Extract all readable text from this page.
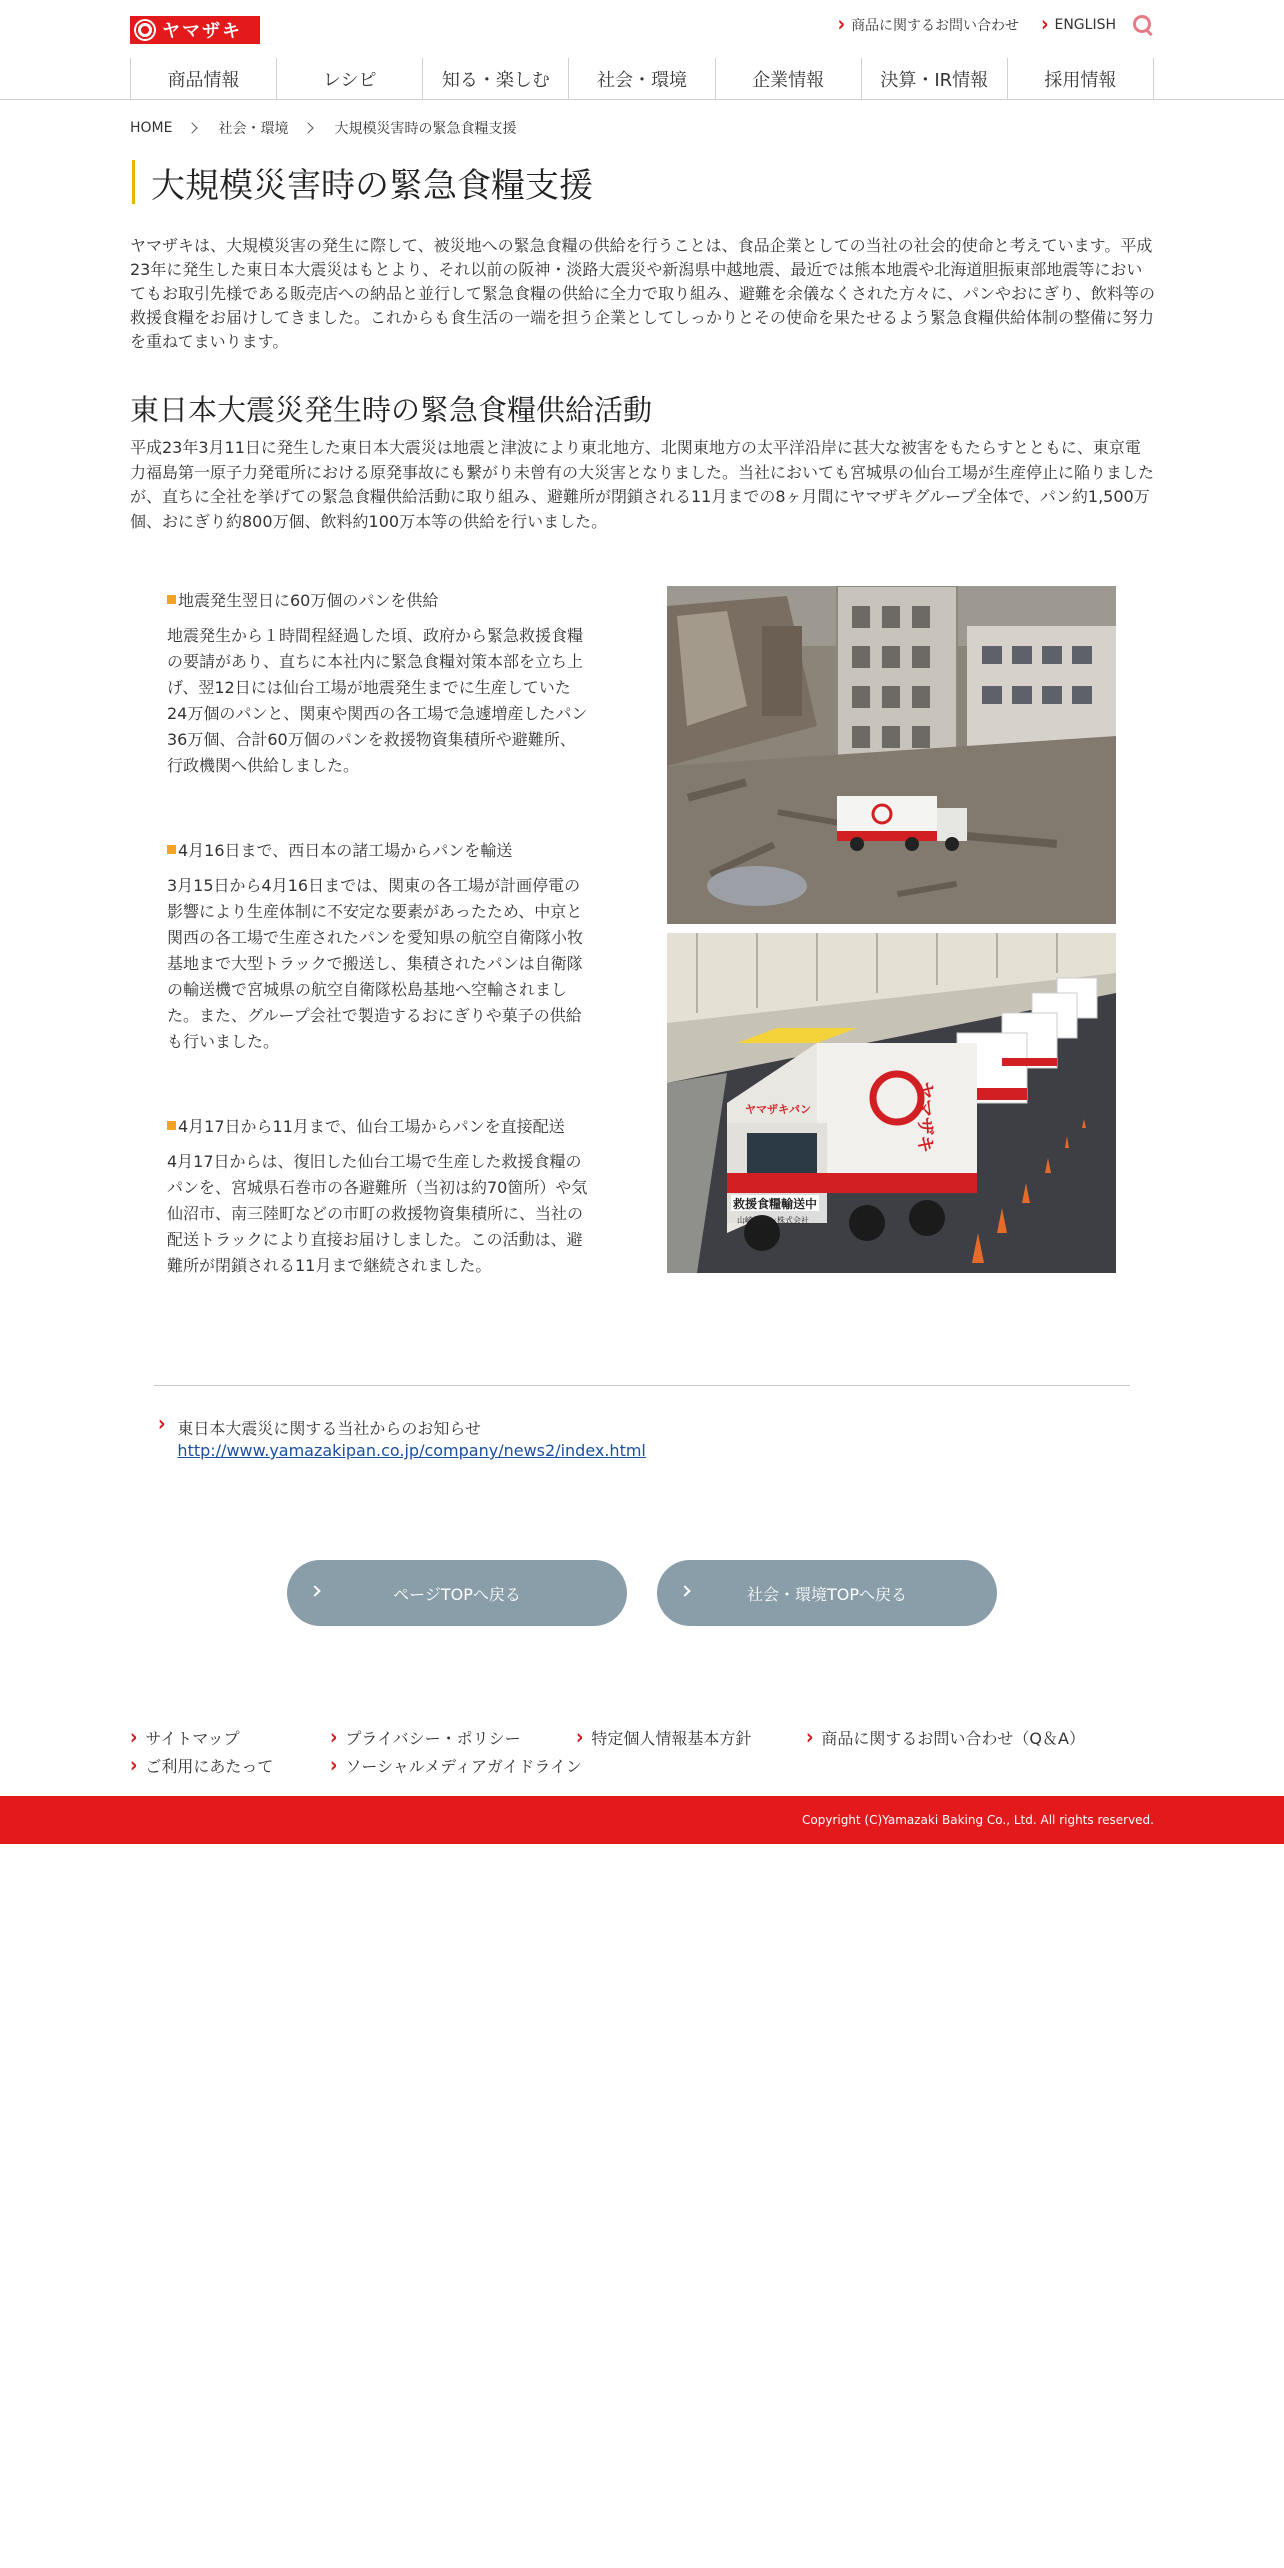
ヤマザキ	› 商品に関するお問い合わせ › ENGLISH
商品情報	レシピ	知る・楽しむ	社会・環境	企業情報	決算・IR情報	採用情報
HOME	社会・環境	大規模災害時の緊急食糧支援
大規模災害時の緊急食糧支援

ヤマザキは、大規模災害の発生に際して、被災地への緊急食糧の供給を行うことは、食品企業としての当社の社会的使命と考えています。平成23年に発生した東日本大震災はもとより、それ以前の阪神・淡路大震災や新潟県中越地震、最近では熊本地震や北海道胆振東部地震等においてもお取引先様である販売店への納品と並行して緊急食糧の供給に全力で取り組み、避難を余儀なくされた方々に、パンやおにぎり、飲料等の救援食糧をお届けしてきました。これからも食生活の一端を担う企業としてしっかりとその使命を果たせるよう緊急食糧供給体制の整備に努力を重ねてまいります。

東日本大震災発生時の緊急食糧供給活動

平成23年3月11日に発生した東日本大震災は地震と津波により東北地方、北関東地方の太平洋沿岸に甚大な被害をもたらすとともに、東京電力福島第一原子力発電所における原発事故にも繋がり未曾有の大災害となりました。当社においても宮城県の仙台工場が生産停止に陥りましたが、直ちに全社を挙げての緊急食糧供給活動に取り組み、避難所が閉鎖される11月までの8ヶ月間にヤマザキグループ全体で、パン約1,500万個、おにぎり約800万個、飲料約100万本等の供給を行いました。

地震発生翌日に60万個のパンを供給

地震発生から１時間程経過した頃、政府から緊急救援食糧の要請があり、直ちに本社内に緊急食糧対策本部を立ち上げ、翌12日には仙台工場が地震発生までに生産していた24万個のパンと、関東や関西の各工場で急遽増産したパン36万個、合計60万個のパンを救援物資集積所や避難所、行政機関へ供給しました。

4月16日まで、西日本の諸工場からパンを輸送

3月15日から4月16日までは、関東の各工場が計画停電の影響により生産体制に不安定な要素があったため、中京と関西の各工場で生産されたパンを愛知県の航空自衛隊小牧基地まで大型トラックで搬送し、集積されたパンは自衛隊の輸送機で宮城県の航空自衛隊松島基地へ空輸されました。また、グループ会社で製造するおにぎりや菓子の供給も行いました。

4月17日から11月まで、仙台工場からパンを直接配送

4月17日からは、復旧した仙台工場で生産した救援食糧のパンを、宮城県石巻市の各避難所（当初は約70箇所）や気仙沼市、南三陸町などの市町の救援物資集積所に、当社の配送トラックにより直接お届けしました。この活動は、避難所が閉鎖される11月まで継続されました。

ヤマザキ
ヤマザキパン
救援食糧輸送中
山崎製パン株式会社
› 東日本大震災に関する当社からのお知らせ
http://www.yamazakipan.co.jp/company/news2/index.html
ページTOPへ戻る	社会・環境TOPへ戻る
› サイトマップ	› プライバシー・ポリシー	› 特定個人情報基本方針	› 商品に関するお問い合わせ（Q＆A）
› ご利用にあたって	› ソーシャルメディアガイドライン
Copyright (C)Yamazaki Baking Co., Ltd. All rights reserved.
